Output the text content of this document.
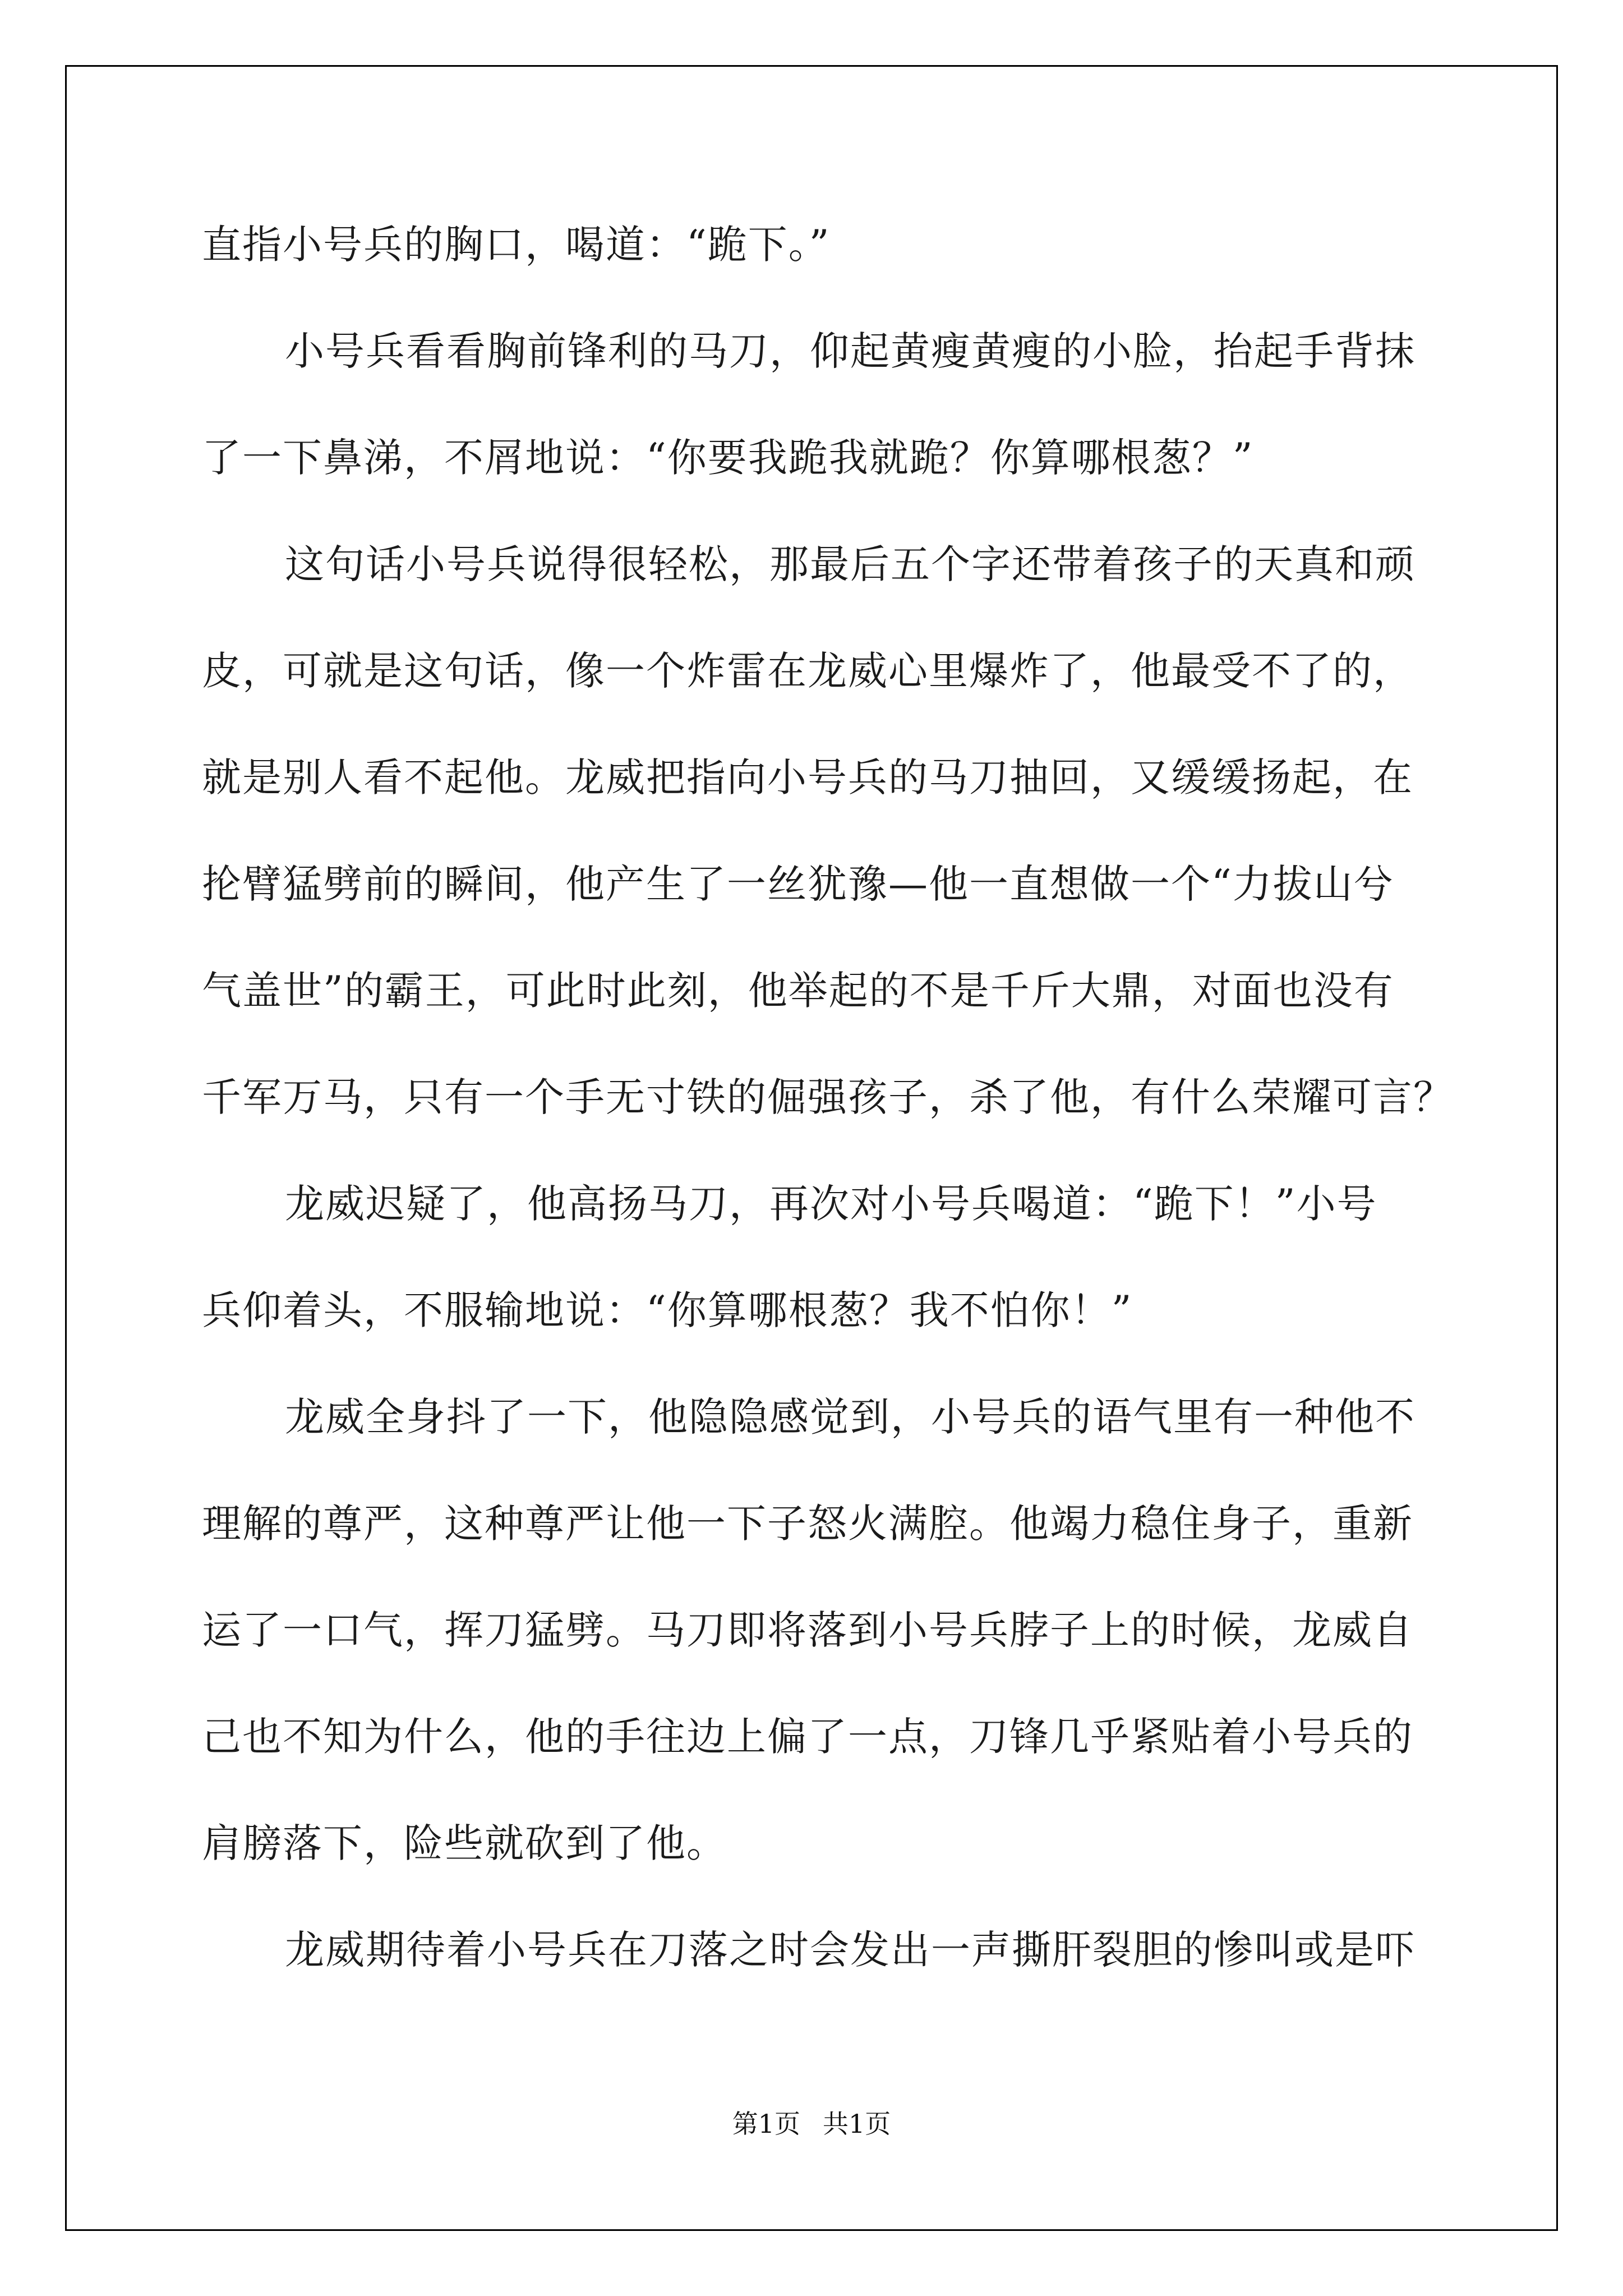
直指小号兵的胸口，喝道：“跪下。”
小号兵看看胸前锋利的马刀，仰起黄瘦黄瘦的小脸，抬起手背抹
了一下鼻涕，不屑地说：“你要我跪我就跪？你算哪根葱？”
这句话小号兵说得很轻松，那最后五个字还带着孩子的天真和顽
皮，可就是这句话，像一个炸雷在龙威心里爆炸了，他最受不了的，
就是别人看不起他。龙威把指向小号兵的马刀抽回，又缓缓扬起，在
抡臂猛劈前的瞬间，他产生了一丝犹豫—他一直想做一个“力拔山兮
气盖世”的霸王，可此时此刻，他举起的不是千斤大鼎，对面也没有
千军万马，只有一个手无寸铁的倔强孩子，杀了他，有什么荣耀可言？
龙威迟疑了，他高扬马刀，再次对小号兵喝道：“跪下！”小号
兵仰着头，不服输地说：“你算哪根葱？我不怕你！”
龙威全身抖了一下，他隐隐感觉到，小号兵的语气里有一种他不
理解的尊严，这种尊严让他一下子怒火满腔。他竭力稳住身子，重新
运了一口气，挥刀猛劈。马刀即将落到小号兵脖子上的时候，龙威自
己也不知为什么，他的手往边上偏了一点，刀锋几乎紧贴着小号兵的
肩膀落下，险些就砍到了他。
龙威期待着小号兵在刀落之时会发出一声撕肝裂胆的惨叫或是吓
第1页 共1页
